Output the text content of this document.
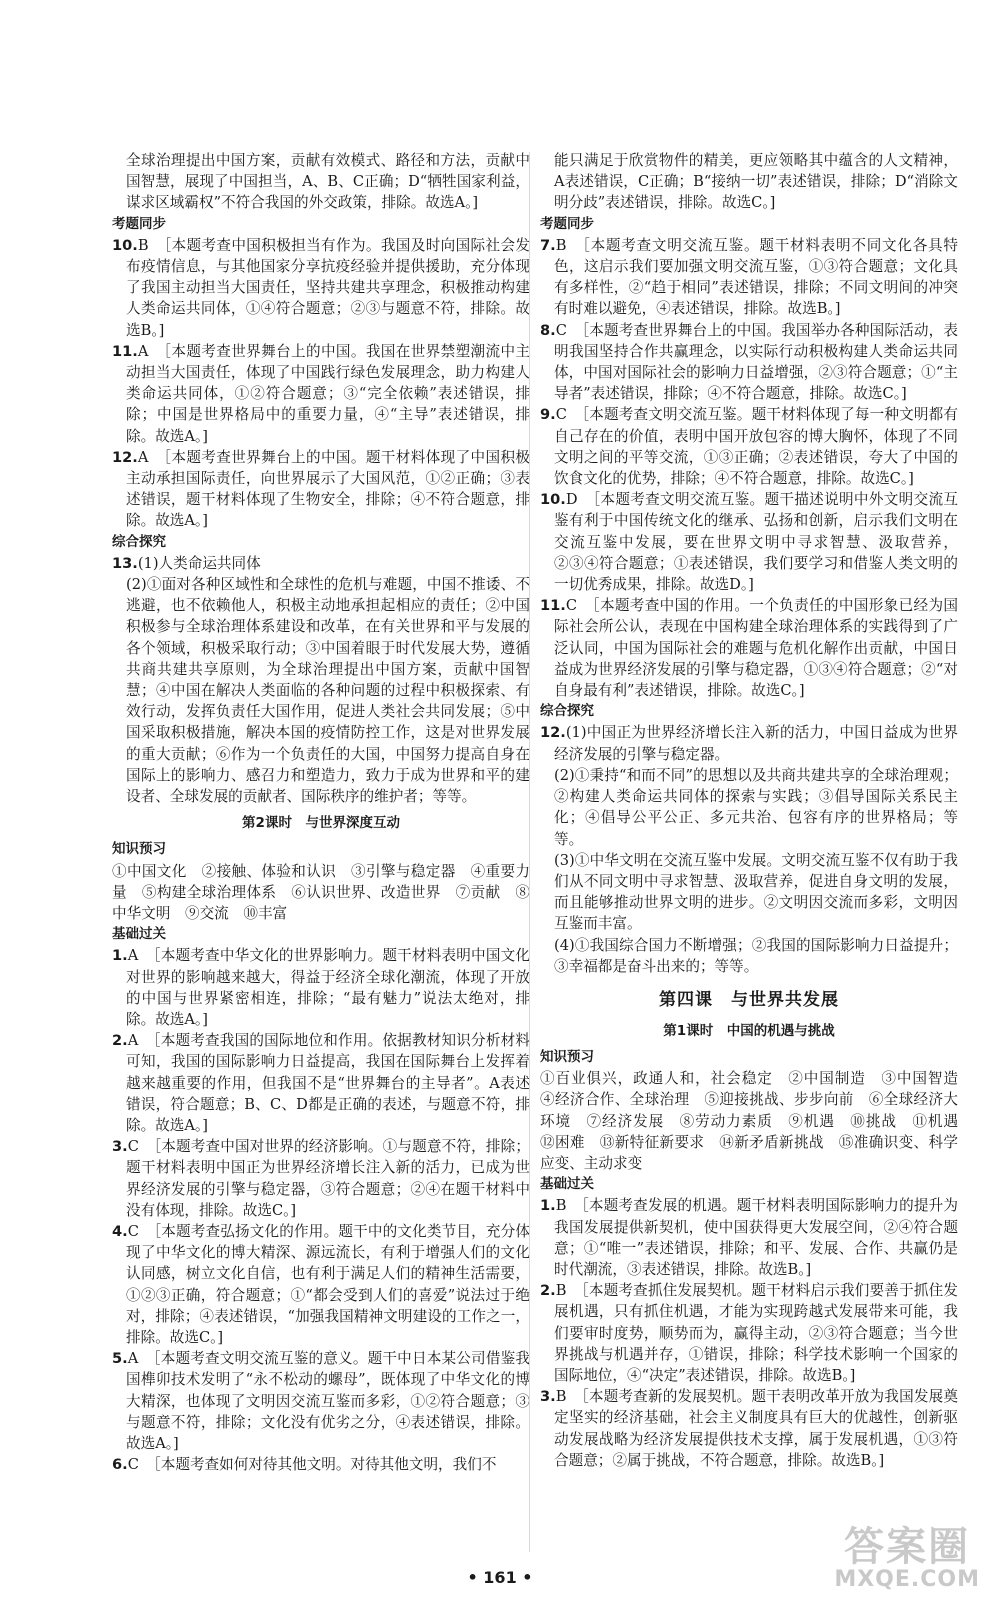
全球治理提出中国方案，贡献有效模式、路径和方法，贡献中国智慧，展现了中国担当，A、B、C正确；D“牺牲国家利益，谋求区域霸权”不符合我国的外交政策，排除。故选A。]

考题同步

10.B　 ［本题考查中国积极担当有作为。我国及时向国际社会发布疫情信息，与其他国家分享抗疫经验并提供援助，充分体现了我国主动担当大国责任，坚持共建共享理念，积极推动构建人类命运共同体，①④符合题意；②③与题意不符，排除。故选B。]

11.A　 ［本题考查世界舞台上的中国。我国在世界禁塑潮流中主动担当大国责任，体现了中国践行绿色发展理念，助力构建人类命运共同体，①②符合题意；③“完全依赖”表述错误，排除；中国是世界格局中的重要力量，④“主导”表述错误，排除。故选A。]

12.A　 ［本题考查世界舞台上的中国。题干材料体现了中国积极主动承担国际责任，向世界展示了大国风范，①②正确；③表述错误，题干材料体现了生物安全，排除；④不符合题意，排除。故选A。]

综合探究

13.(1)人类命运共同体

(2)①面对各种区域性和全球性的危机与难题，中国不推诿、不逃避，也不依赖他人，积极主动地承担起相应的责任；②中国积极参与全球治理体系建设和改革，在有关世界和平与发展的各个领域，积极采取行动；③中国着眼于时代发展大势，遵循共商共建共享原则，为全球治理提出中国方案，贡献中国智慧；④中国在解决人类面临的各种问题的过程中积极探索、有效行动，发挥负责任大国作用，促进人类社会共同发展；⑤中国采取积极措施，解决本国的疫情防控工作，这是对世界发展的重大贡献；⑥作为一个负责任的大国，中国努力提高自身在国际上的影响力、感召力和塑造力，致力于成为世界和平的建设者、全球发展的贡献者、国际秩序的维护者；等等。

第2课时　与世界深度互动

知识预习

①中国文化　②接触、体验和认识　③引擎与稳定器　④重要力量　⑤构建全球治理体系　⑥认识世界、改造世界　⑦贡献　⑧中华文明　⑨交流　⑩丰富

基础过关

1.A　 ［本题考查中华文化的世界影响力。题干材料表明中国文化对世界的影响越来越大，得益于经济全球化潮流，体现了开放的中国与世界紧密相连，排除；“最有魅力”说法太绝对，排除。故选A。]

2.A　 ［本题考查我国的国际地位和作用。依据教材知识分析材料可知，我国的国际影响力日益提高，我国在国际舞台上发挥着越来越重要的作用，但我国不是“世界舞台的主导者”。A表述错误，符合题意；B、C、D都是正确的表述，与题意不符，排除。故选A。]

3.C　 ［本题考查中国对世界的经济影响。①与题意不符，排除；题干材料表明中国正为世界经济增长注入新的活力，已成为世界经济发展的引擎与稳定器，③符合题意；②④在题干材料中没有体现，排除。故选C。]

4.C　 ［本题考查弘扬文化的作用。题干中的文化类节目，充分体现了中华文化的博大精深、源远流长，有利于增强人们的文化认同感，树立文化自信，也有利于满足人们的精神生活需要，①②③正确，符合题意；①“都会受到人们的喜爱”说法过于绝对，排除；④表述错误，“加强我国精神文明建设的工作之一，排除。故选C。]

5.A　 ［本题考查文明交流互鉴的意义。题干中日本某公司借鉴我国榫卯技术发明了“永不松动的螺母”，既体现了中华文化的博大精深，也体现了文明因交流互鉴而多彩，①②符合题意；③与题意不符，排除；文化没有优劣之分，④表述错误，排除。故选A。]

6.C　 ［本题考查如何对待其他文明。对待其他文明，我们不

能只满足于欣赏物件的精美，更应领略其中蕴含的人文精神，A表述错误，C正确；B“接纳一切”表述错误，排除；D“消除文明分歧”表述错误，排除。故选C。]

考题同步

7.B　 ［本题考查文明交流互鉴。题干材料表明不同文化各具特色，这启示我们要加强文明交流互鉴，①③符合题意；文化具有多样性，②“趋于相同”表述错误，排除；不同文明间的冲突有时难以避免，④表述错误，排除。故选B。]

8.C　 ［本题考查世界舞台上的中国。我国举办各种国际活动，表明我国坚持合作共赢理念，以实际行动积极构建人类命运共同体，中国对国际社会的影响力日益增强，②③符合题意；①“主导者”表述错误，排除；④不符合题意，排除。故选C。]

9.C　 ［本题考查文明交流互鉴。题干材料体现了每一种文明都有自己存在的价值，表明中国开放包容的博大胸怀，体现了不同文明之间的平等交流，①③正确；②表述错误，夸大了中国的饮食文化的优势，排除；④不符合题意，排除。故选C。]

10.D　 ［本题考查文明交流互鉴。题干描述说明中外文明交流互鉴有利于中国传统文化的继承、弘扬和创新，启示我们文明在交流互鉴中发展，要在世界文明中寻求智慧、汲取营养，②③④符合题意；①表述错误，我们要学习和借鉴人类文明的一切优秀成果，排除。故选D。]

11.C　 ［本题考查中国的作用。一个负责任的中国形象已经为国际社会所公认，表现在中国构建全球治理体系的实践得到了广泛认同，中国为国际社会的难题与危机化解作出贡献，中国日益成为世界经济发展的引擎与稳定器，①③④符合题意；②“对自身最有利”表述错误，排除。故选C。]

综合探究

12.(1)中国正为世界经济增长注入新的活力，中国日益成为世界经济发展的引擎与稳定器。

(2)①秉持“和而不同”的思想以及共商共建共享的全球治理观；②构建人类命运共同体的探索与实践；③倡导国际关系民主化；④倡导公平公正、多元共治、包容有序的世界格局；等等。

(3)①中华文明在交流互鉴中发展。文明交流互鉴不仅有助于我们从不同文明中寻求智慧、汲取营养，促进自身文明的发展，而且能够推动世界文明的进步。②文明因交流而多彩，文明因互鉴而丰富。

(4)①我国综合国力不断增强；②我国的国际影响力日益提升；③幸福都是奋斗出来的；等等。

第四课　与世界共发展

第1课时　中国的机遇与挑战

知识预习

①百业俱兴，政通人和，社会稳定　②中国制造　③中国智造　④经济合作、全球治理　⑤迎接挑战、步步向前　⑥全球经济大环境　⑦经济发展　⑧劳动力素质　⑨机遇　⑩挑战　⑪机遇　⑫困难　⑬新特征新要求　⑭新矛盾新挑战　⑮准确识变、科学应变、主动求变

基础过关

1.B　 ［本题考查发展的机遇。题干材料表明国际影响力的提升为我国发展提供新契机，使中国获得更大发展空间，②④符合题意；①“唯一”表述错误，排除；和平、发展、合作、共赢仍是时代潮流，③表述错误，排除。故选B。]

2.B　 ［本题考查抓住发展契机。题干材料启示我们要善于抓住发展机遇，只有抓住机遇，才能为实现跨越式发展带来可能，我们要审时度势，顺势而为，赢得主动，②③符合题意；当今世界挑战与机遇并存，①错误，排除；科学技术影响一个国家的国际地位，④“决定”表述错误，排除。故选B。]

3.B　 ［本题考查新的发展契机。题干表明改革开放为我国发展奠定坚实的经济基础，社会主义制度具有巨大的优越性，创新驱动发展战略为经济发展提供技术支撑，属于发展机遇，①③符合题意；②属于挑战，不符合题意，排除。故选B。]

• 161 •
答案圈
MXQE.COM
